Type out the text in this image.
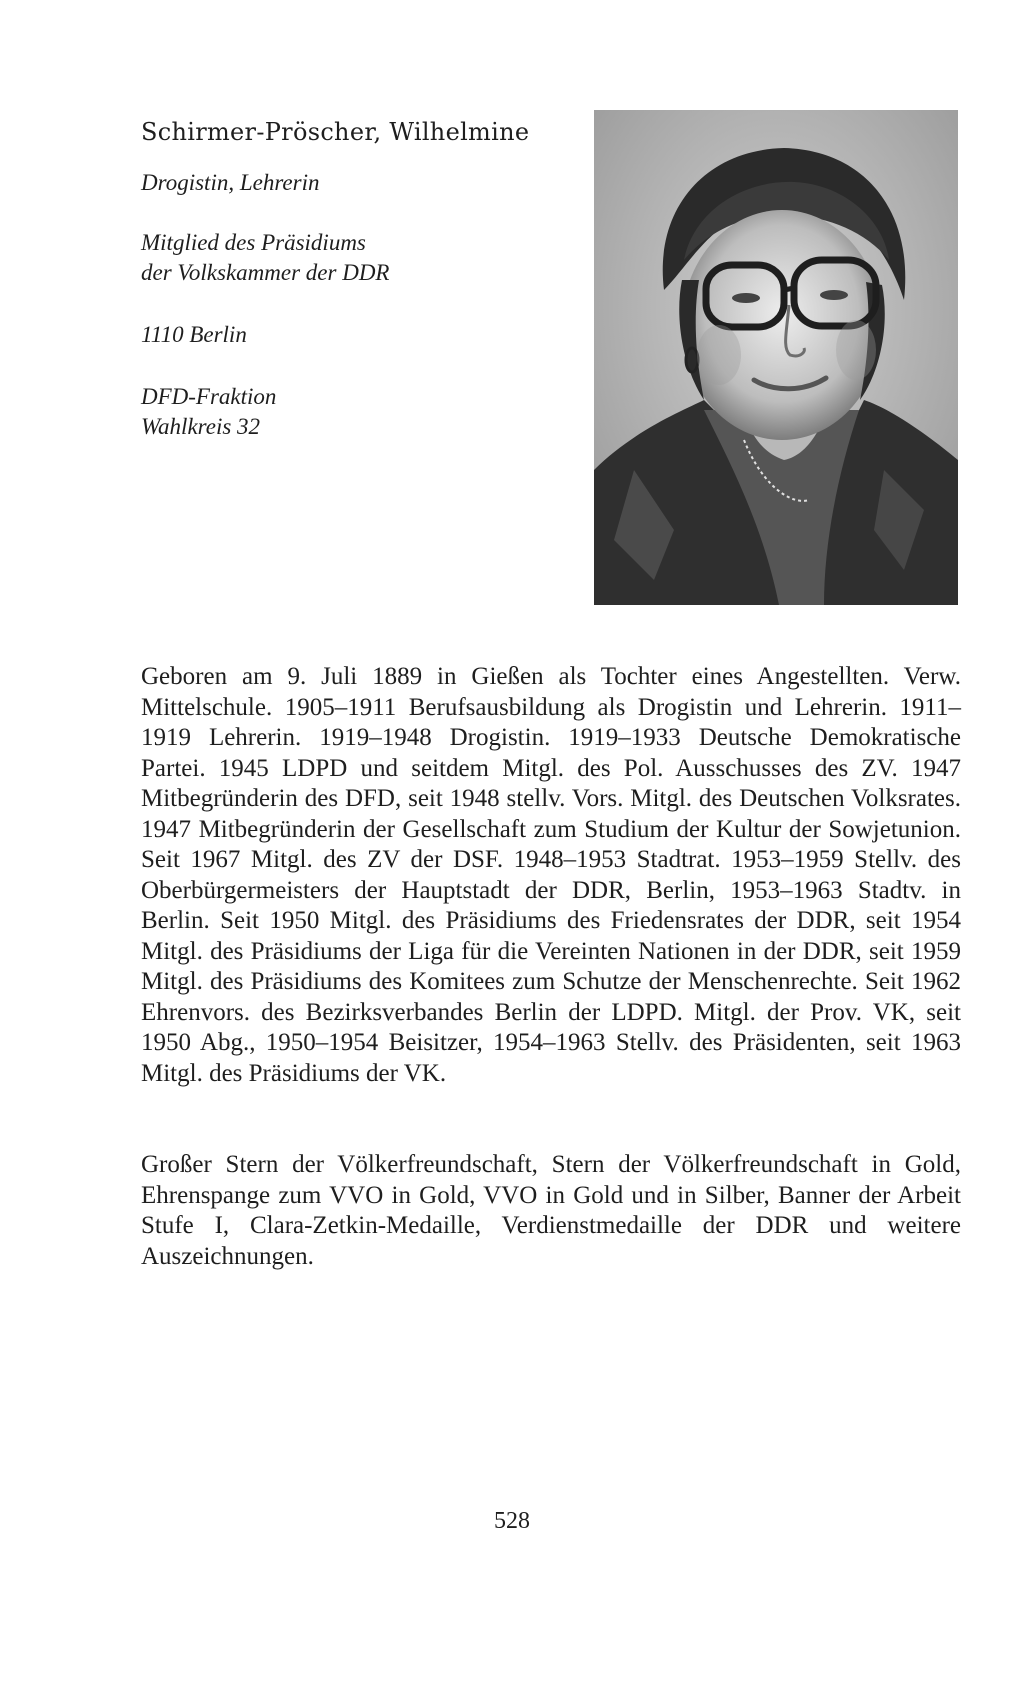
Schirmer-Pröscher, Wilhelmine

Drogistin, Lehrerin

Mitglied des Präsidiums
der Volkskammer der DDR

1110 Berlin

DFD-Fraktion
Wahlkreis 32

Geboren am 9. Juli 1889 in Gießen als Tochter eines Angestellten. Verw. Mittelschule. 1905–1911 Berufsausbildung als Drogistin und Lehrerin. 1911–1919 Lehrerin. 1919–1948 Drogistin. 1919–1933 Deutsche Demokratische Partei. 1945 LDPD und seitdem Mitgl. des Pol. Ausschusses des ZV. 1947 Mitbegründerin des DFD, seit 1948 stellv. Vors. Mitgl. des Deutschen Volksrates. 1947 Mitbegründerin der Gesellschaft zum Studium der Kultur der Sowjetunion. Seit 1967 Mitgl. des ZV der DSF. 1948–1953 Stadtrat. 1953–1959 Stellv. des Oberbürgermeisters der Hauptstadt der DDR, Berlin, 1953–1963 Stadtv. in Berlin. Seit 1950 Mitgl. des Präsidiums des Friedensrates der DDR, seit 1954 Mitgl. des Präsidiums der Liga für die Vereinten Nationen in der DDR, seit 1959 Mitgl. des Präsidiums des Komitees zum Schutze der Menschenrechte. Seit 1962 Ehrenvors. des Bezirksverbandes Berlin der LDPD. Mitgl. der Prov. VK, seit 1950 Abg., 1950–1954 Beisitzer, 1954–1963 Stellv. des Präsidenten, seit 1963 Mitgl. des Präsidiums der VK.

Großer Stern der Völkerfreundschaft, Stern der Völkerfreundschaft in Gold, Ehrenspange zum VVO in Gold, VVO in Gold und in Silber, Banner der Arbeit Stufe I, Clara-Zetkin-Medaille, Verdienstmedaille der DDR und weitere Auszeichnungen.

528
